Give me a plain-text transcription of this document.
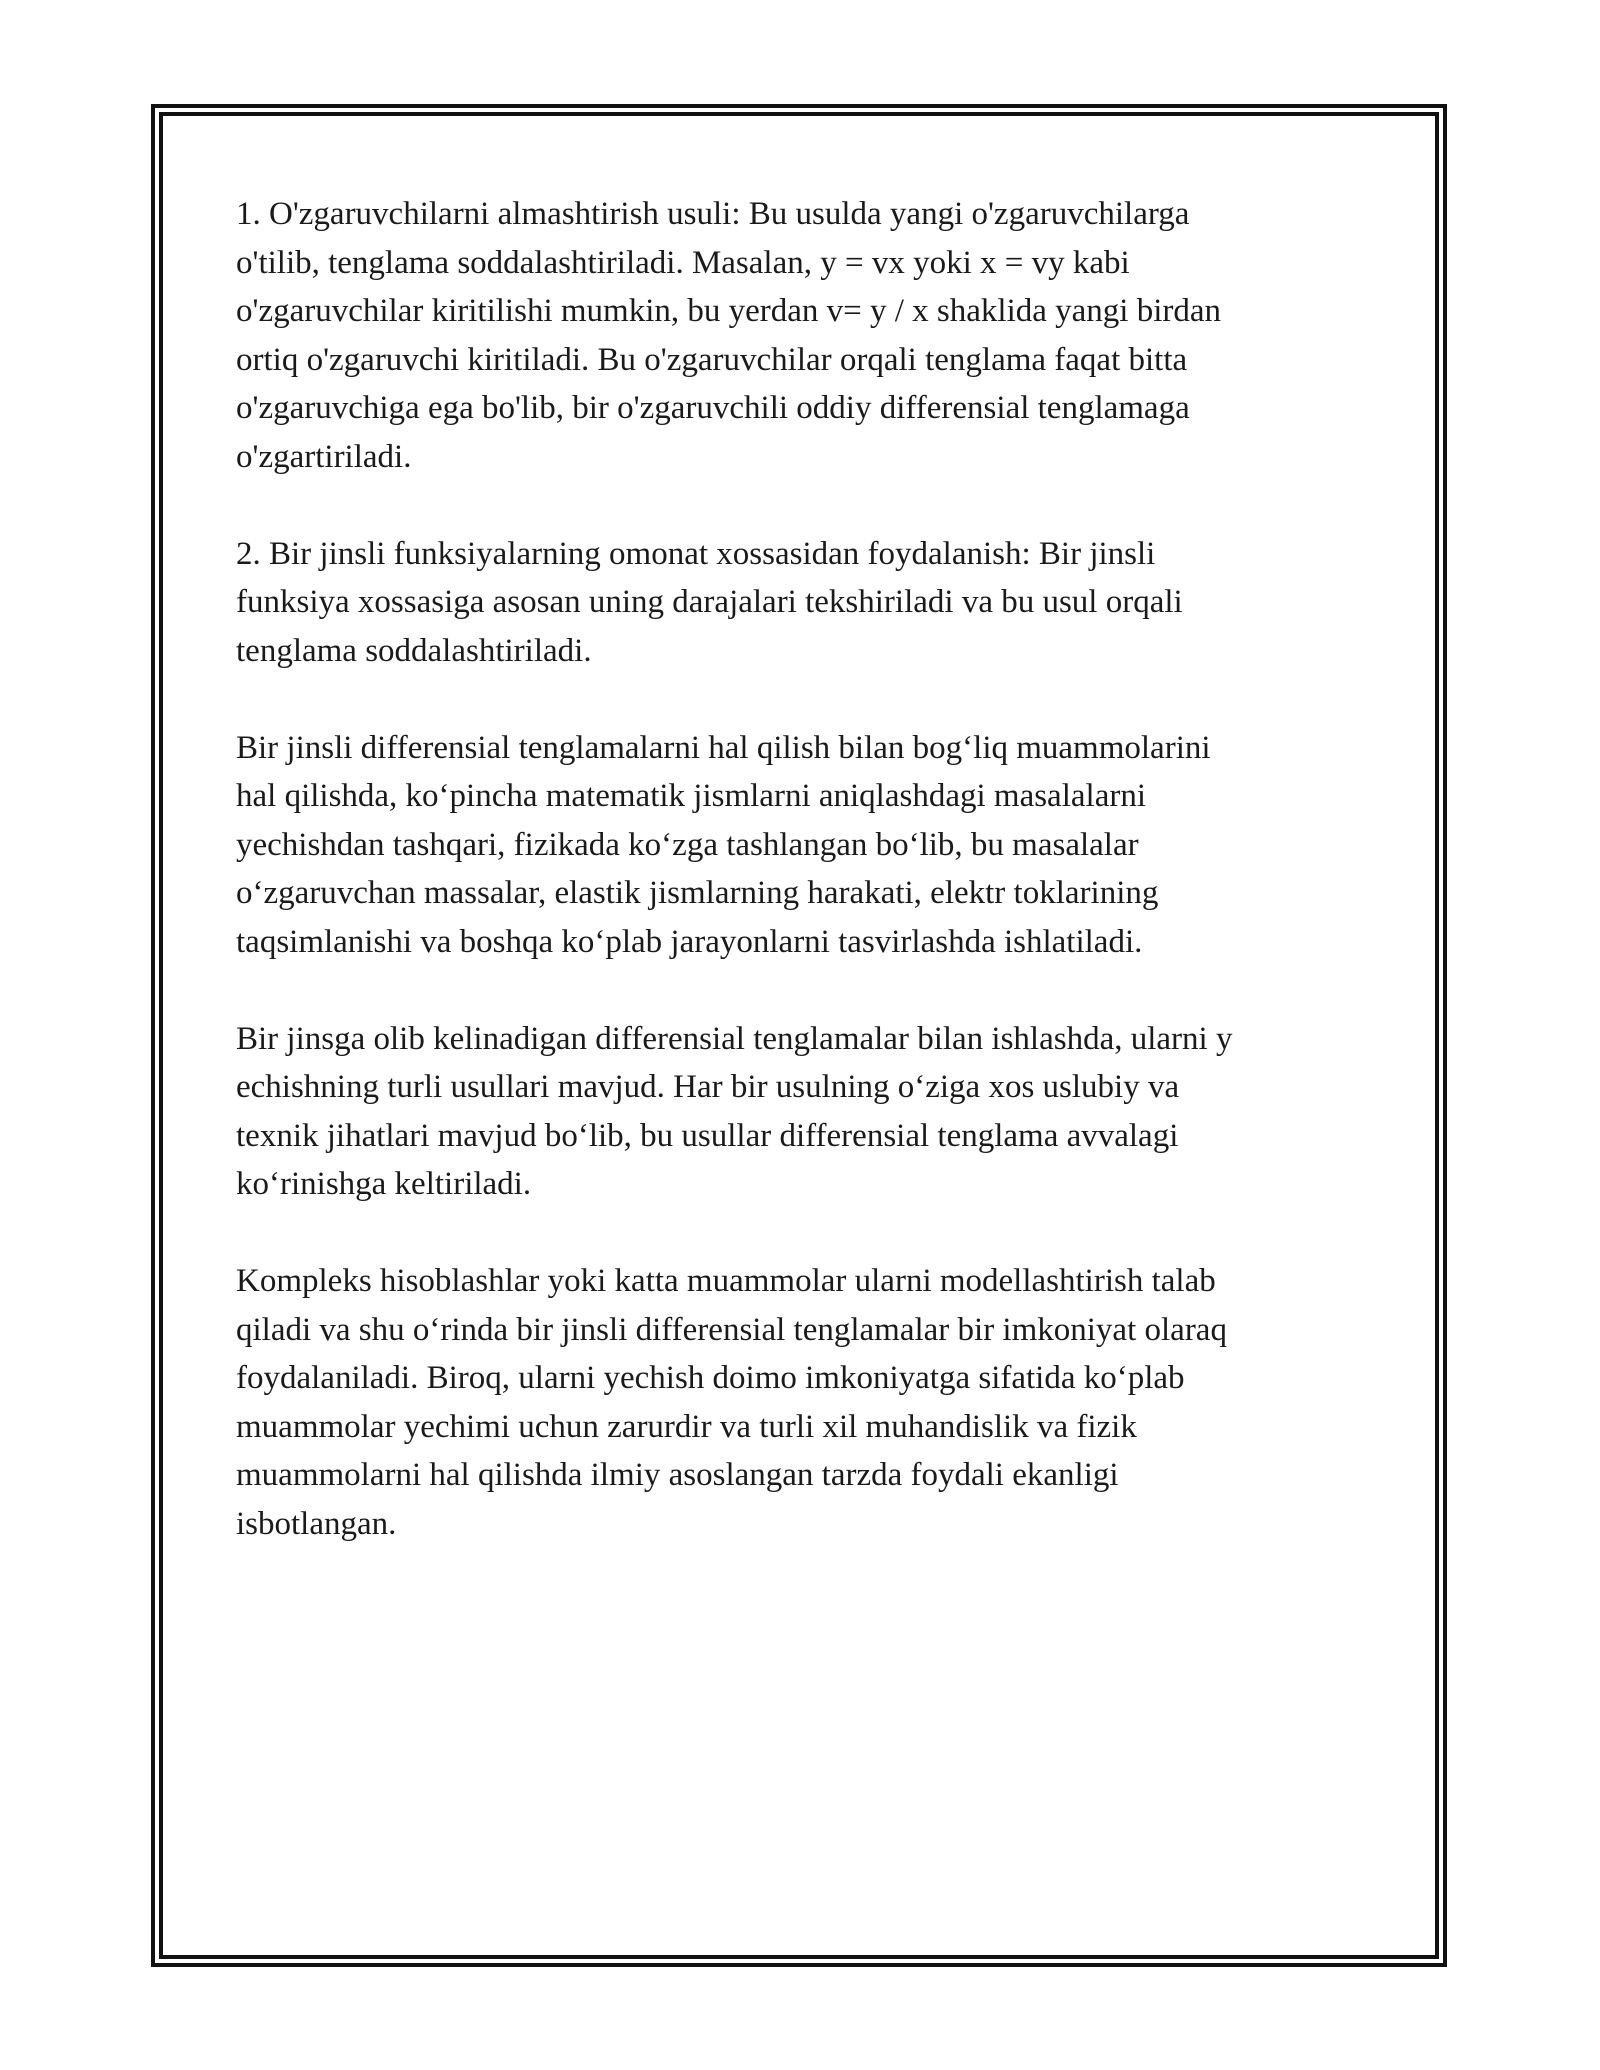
1. O'zgaruvchilarni almashtirish usuli: Bu usulda yangi o'zgaruvchilarga
o'tilib, tenglama soddalashtiriladi. Masalan, y = vx yoki x = vy kabi
o'zgaruvchilar kiritilishi mumkin, bu yerdan v= y / x shaklida yangi birdan
ortiq o'zgaruvchi kiritiladi. Bu o'zgaruvchilar orqali tenglama faqat bitta
o'zgaruvchiga ega bo'lib, bir o'zgaruvchili oddiy differensial tenglamaga
o'zgartiriladi.

2. Bir jinsli funksiyalarning omonat xossasidan foydalanish: Bir jinsli
funksiya xossasiga asosan uning darajalari tekshiriladi va bu usul orqali
tenglama soddalashtiriladi.

Bir jinsli differensial tenglamalarni hal qilish bilan bog‘liq muammolarini
hal qilishda, ko‘pincha matematik jismlarni aniqlashdagi masalalarni
yechishdan tashqari, fizikada ko‘zga tashlangan bo‘lib, bu masalalar
o‘zgaruvchan massalar, elastik jismlarning harakati, elektr toklarining
taqsimlanishi va boshqa ko‘plab jarayonlarni tasvirlashda ishlatiladi.

Bir jinsga olib kelinadigan differensial tenglamalar bilan ishlashda, ularni y
echishning turli usullari mavjud. Har bir usulning o‘ziga xos uslubiy va
texnik jihatlari mavjud bo‘lib, bu usullar differensial tenglama avvalagi
ko‘rinishga keltiriladi.

Kompleks hisoblashlar yoki katta muammolar ularni modellashtirish talab
qiladi va shu o‘rinda bir jinsli differensial tenglamalar bir imkoniyat olaraq
foydalaniladi. Biroq, ularni yechish doimo imkoniyatga sifatida ko‘plab
muammolar yechimi uchun zarurdir va turli xil muhandislik va fizik
muammolarni hal qilishda ilmiy asoslangan tarzda foydali ekanligi
isbotlangan.
